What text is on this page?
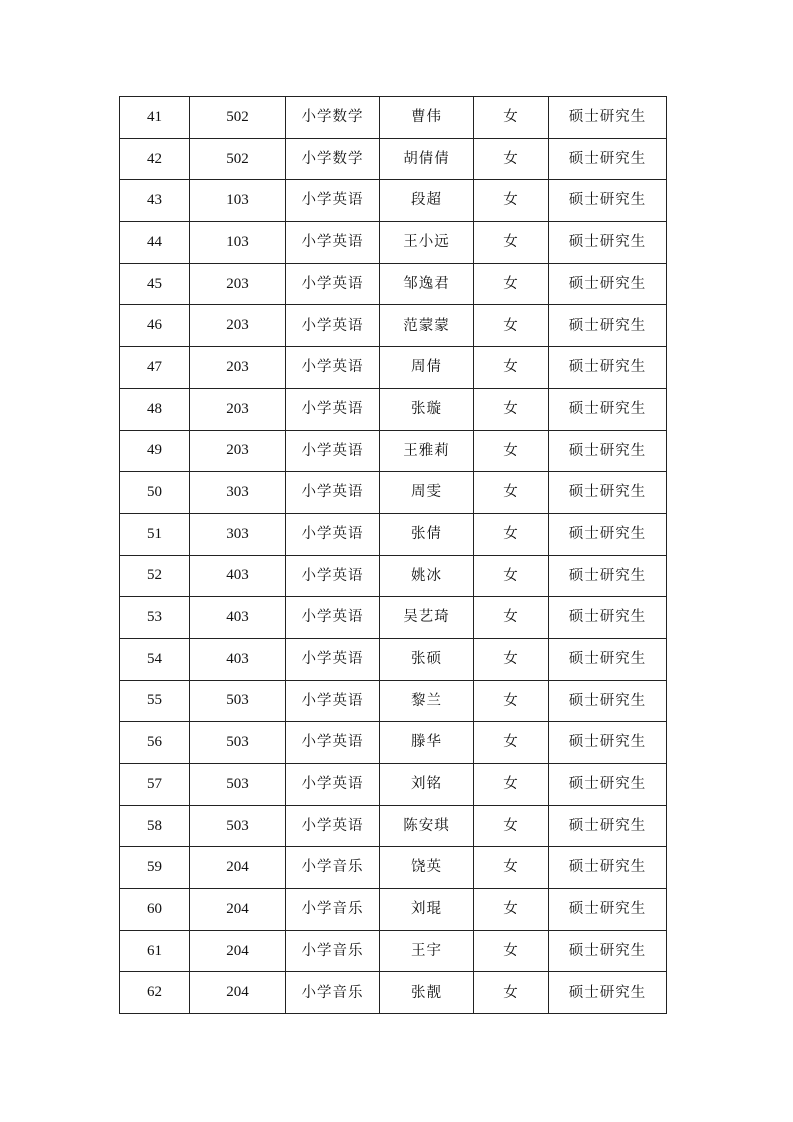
41	502	小学数学	曹伟	女	硕士研究生
42	502	小学数学	胡倩倩	女	硕士研究生
43	103	小学英语	段超	女	硕士研究生
44	103	小学英语	王小远	女	硕士研究生
45	203	小学英语	邹逸君	女	硕士研究生
46	203	小学英语	范蒙蒙	女	硕士研究生
47	203	小学英语	周倩	女	硕士研究生
48	203	小学英语	张璇	女	硕士研究生
49	203	小学英语	王雅莉	女	硕士研究生
50	303	小学英语	周雯	女	硕士研究生
51	303	小学英语	张倩	女	硕士研究生
52	403	小学英语	姚冰	女	硕士研究生
53	403	小学英语	吴艺琦	女	硕士研究生
54	403	小学英语	张硕	女	硕士研究生
55	503	小学英语	黎兰	女	硕士研究生
56	503	小学英语	滕华	女	硕士研究生
57	503	小学英语	刘铭	女	硕士研究生
58	503	小学英语	陈安琪	女	硕士研究生
59	204	小学音乐	饶英	女	硕士研究生
60	204	小学音乐	刘琨	女	硕士研究生
61	204	小学音乐	王宇	女	硕士研究生
62	204	小学音乐	张靓	女	硕士研究生
